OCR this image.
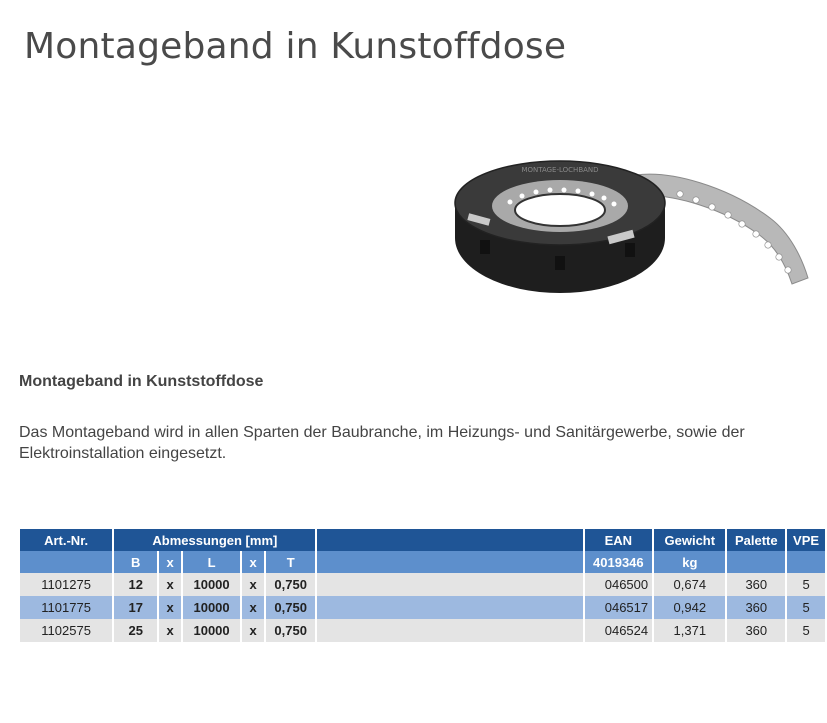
Montageband in Kunstoffdose
MONTAGE-LOCHBAND
Montageband in Kunststoffdose
Das Montageband wird in allen Sparten der Baubranche, im Heizungs- und Sanitärgewerbe, sowie der Elektroinstallation eingesetzt.
Art.-Nr.	Abmessungen [mm]						EAN	Gewicht	Palette	VPE
	B	x	L	x	T		4019346	kg		
1101275	12	x	10000	x	0,750		046500	0,674	360	5
1101775	17	x	10000	x	0,750		046517	0,942	360	5
1102575	25	x	10000	x	0,750		046524	1,371	360	5
